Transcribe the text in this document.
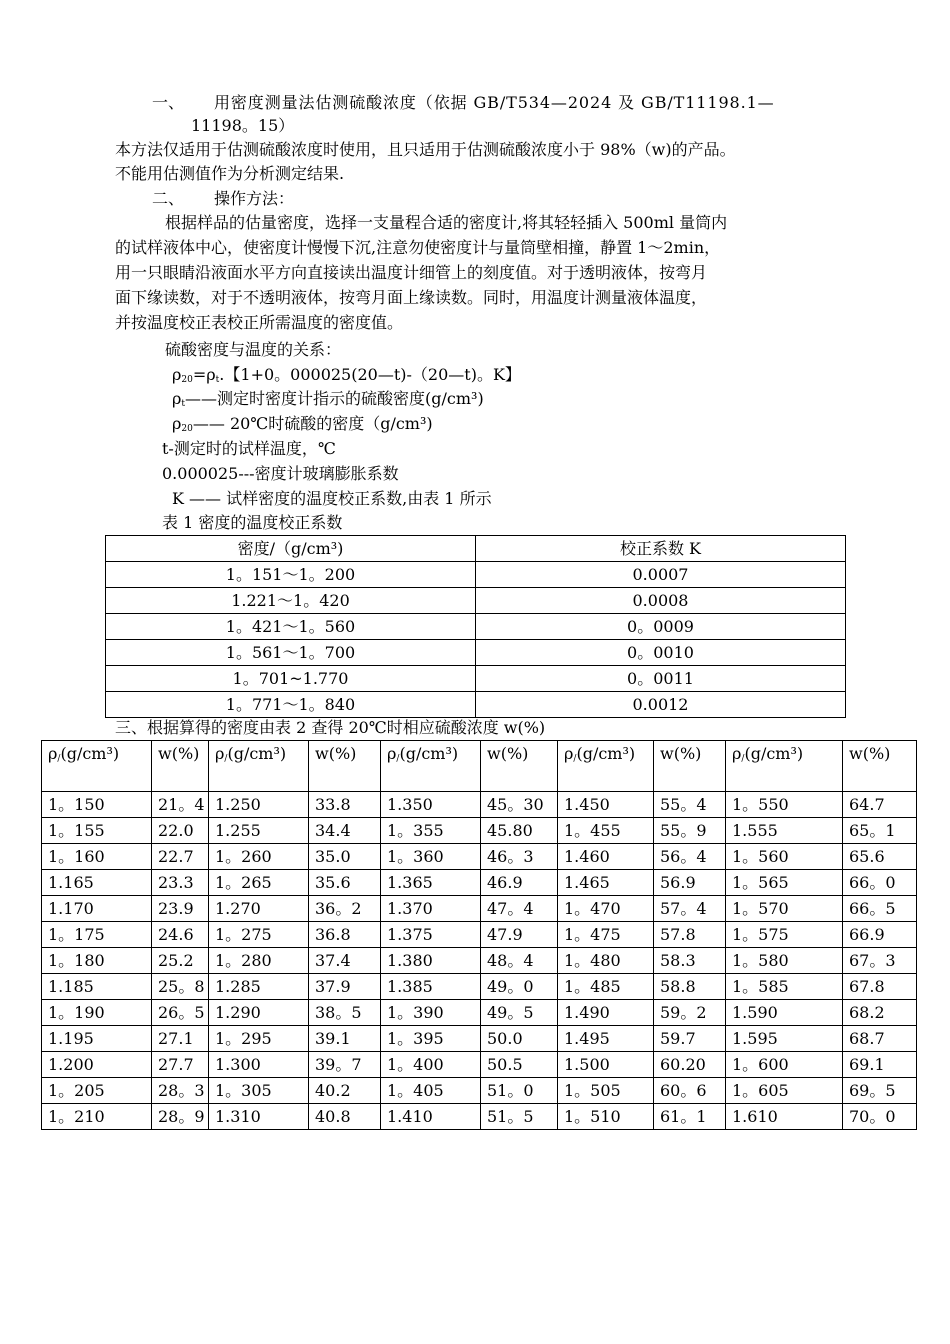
一、 用密度测量法估测硫酸浓度（依据 GB/T534—2024 及 GB/T11198.1—
11198。15）
本方法仅适用于估测硫酸浓度时使用，且只适用于估测硫酸浓度小于 98%（w)的产品。
不能用估测值作为分析测定结果.
二、 操作方法：
根据样品的估量密度，选择一支量程合适的密度计,将其轻轻插入 500ml 量筒内
的试样液体中心，使密度计慢慢下沉,注意勿使密度计与量筒壁相撞，静置 1～2min，
用一只眼睛沿液面水平方向直接读出温度计细管上的刻度值。对于透明液体，按弯月
面下缘读数，对于不透明液体，按弯月面上缘读数。同时，用温度计测量液体温度，
并按温度校正表校正所需温度的密度值。
硫酸密度与温度的关系：
$\rho_{20}=\rho_t$.【1+0。000025(20—t)-（20—t)。K】
$\rho_t——$测定时密度计指示的硫酸密度(g/cm³)
$\rho_{20}——$ 20℃时硫酸的密度（g/cm³)
t-测定时的试样温度，℃
0.000025---密度计玻璃膨胀系数
K —— 试样密度的温度校正系数,由表 1 所示
表 1 密度的温度校正系数
密度/（g/cm³)	校正系数 K
1。151～1。200	0.0007
1.221～1。420	0.0008
1。421～1。560	0。0009
1。561～1。700	0。0010
1。701~1.770	0。0011
1。771～1。840	0.0012
三、根据算得的密度由表 2 查得 20℃时相应硫酸浓度 w(%)
$\rho_/(g/cm^3)$	w(%)	$\rho_/(g/cm^3)$	w(%)	$\rho_/(g/cm^3)$	w(%)	$\rho_/(g/cm^3)$	w(%)	$\rho_/(g/cm^3)$	w(%)
1。150	21。4	1.250	33.8	1.350	45。30	1.450	55。4	1。550	64.7
1。155	22.0	1.255	34.4	1。355	45.80	1。455	55。9	1.555	65。1
1。160	22.7	1。260	35.0	1。360	46。3	1.460	56。4	1。560	65.6
1.165	23.3	1。265	35.6	1.365	46.9	1.465	56.9	1。565	66。0
1.170	23.9	1.270	36。2	1.370	47。4	1。470	57。4	1。570	66。5
1。175	24.6	1。275	36.8	1.375	47.9	1。475	57.8	1。575	66.9
1。180	25.2	1。280	37.4	1.380	48。4	1。480	58.3	1。580	67。3
1.185	25。8	1.285	37.9	1.385	49。0	1。485	58.8	1。585	67.8
1。190	26。5	1.290	38。5	1。390	49。5	1.490	59。2	1.590	68.2
1.195	27.1	1。295	39.1	1。395	50.0	1.495	59.7	1.595	68.7
1.200	27.7	1.300	39。7	1。400	50.5	1.500	60.20	1。600	69.1
1。205	28。3	1。305	40.2	1。405	51。0	1。505	60。6	1。605	69。5
1。210	28。9	1.310	40.8	1.410	51。5	1。510	61。1	1.610	70。0
